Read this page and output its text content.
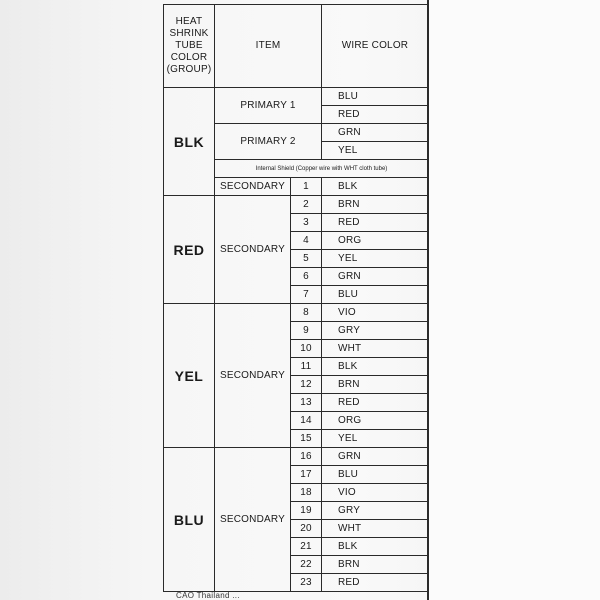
HEAT SHRINK TUBE COLOR (GROUP)	ITEM		WIRE COLOR
BLK	PRIMARY 1		BLU
			RED
	PRIMARY 2		GRN
			YEL
	Internal Shield (Copper wire with WHT cloth tube)		
	SECONDARY	1	BLK
RED	SECONDARY	2	BRN
		3	RED
		4	ORG
		5	YEL
		6	GRN
		7	BLU
YEL	SECONDARY	8	VIO
		9	GRY
		10	WHT
		11	BLK
		12	BRN
		13	RED
		14	ORG
		15	YEL
BLU	SECONDARY	16	GRN
		17	BLU
		18	VIO
		19	GRY
		20	WHT
		21	BLK
		22	BRN
		23	RED
CAO Thailand ...
